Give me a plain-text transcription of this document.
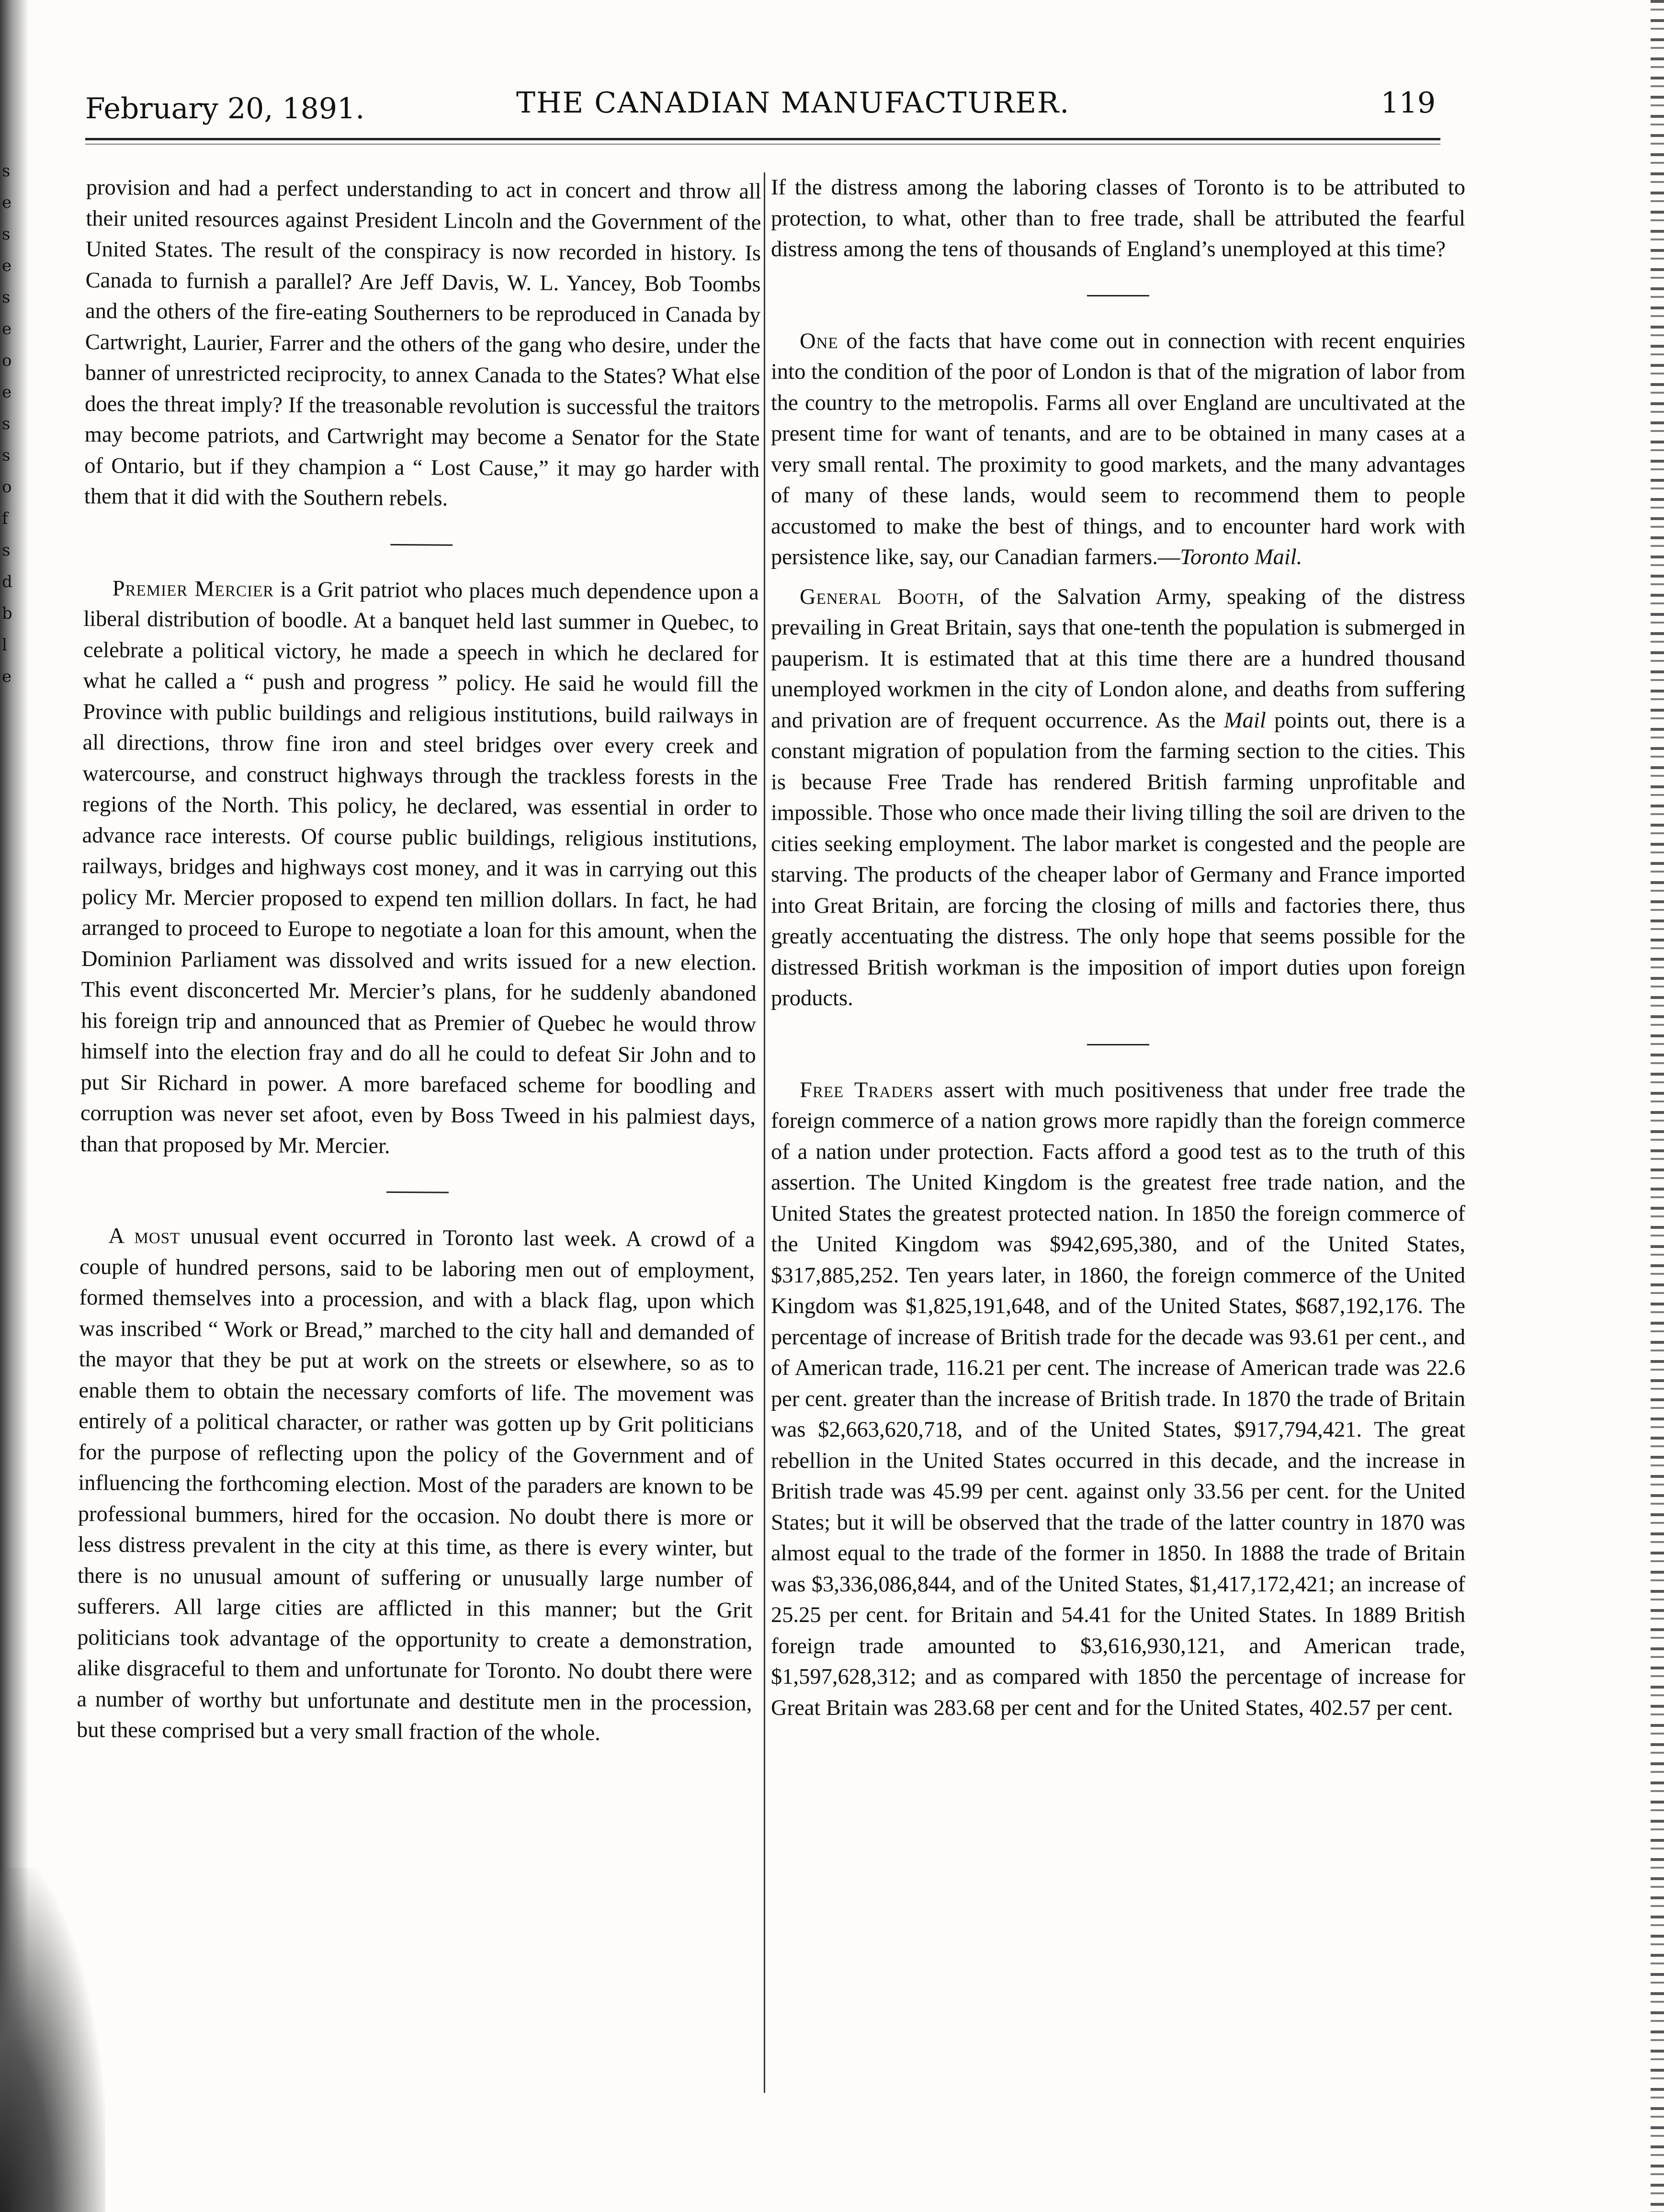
s
e
s
e
s
e
o
e
s
s
o
f
s
d
b
l
e
February 20, 1891.	THE CANADIAN MANUFACTURER.	119

provision and had a perfect understanding to act in concert and throw all their united resources against President Lincoln and the Government of the United States. The result of the conspiracy is now recorded in history. Is Canada to furnish a parallel? Are Jeff Davis, W. L. Yancey, Bob Toombs and the others of the fire-eating Southerners to be reproduced in Canada by Cartwright, Laurier, Farrer and the others of the gang who desire, under the banner of unrestricted reciprocity, to annex Canada to the States? What else does the threat imply? If the treasonable revolution is successful the traitors may become patriots, and Cartwright may become a Senator for the State of Ontario, but if they champion a “ Lost Cause,” it may go harder with them that it did with the Southern rebels.

Premier Mercier is a Grit patriot who places much dependence upon a liberal distribution of boodle. At a banquet held last summer in Quebec, to celebrate a political victory, he made a speech in which he declared for what he called a “ push and progress ” policy. He said he would fill the Province with public buildings and religious institutions, build railways in all directions, throw fine iron and steel bridges over every creek and watercourse, and construct highways through the trackless forests in the regions of the North. This policy, he declared, was essential in order to advance race interests. Of course public buildings, religious institutions, railways, bridges and highways cost money, and it was in carrying out this policy Mr. Mercier proposed to expend ten million dollars. In fact, he had arranged to proceed to Europe to negotiate a loan for this amount, when the Dominion Parliament was dissolved and writs issued for a new election. This event disconcerted Mr. Mercier’s plans, for he suddenly abandoned his foreign trip and announced that as Premier of Quebec he would throw himself into the election fray and do all he could to defeat Sir John and to put Sir Richard in power. A more barefaced scheme for boodling and corruption was never set afoot, even by Boss Tweed in his palmiest days, than that proposed by Mr. Mercier.

A most unusual event occurred in Toronto last week. A crowd of a couple of hundred persons, said to be laboring men out of employment, formed themselves into a procession, and with a black flag, upon which was inscribed “ Work or Bread,” marched to the city hall and demanded of the mayor that they be put at work on the streets or elsewhere, so as to enable them to obtain the necessary comforts of life. The movement was entirely of a political character, or rather was gotten up by Grit politicians for the purpose of reflecting upon the policy of the Government and of influencing the forthcoming election. Most of the paraders are known to be professional bummers, hired for the occasion. No doubt there is more or less distress prevalent in the city at this time, as there is every winter, but there is no unusual amount of suffering or unusually large number of sufferers. All large cities are afflicted in this manner; but the Grit politicians took advantage of the opportunity to create a demonstration, alike disgraceful to them and unfortunate for Toronto. No doubt there were a number of worthy but unfortunate and destitute men in the procession, but these comprised but a very small fraction of the whole.

If the distress among the laboring classes of Toronto is to be attributed to protection, to what, other than to free trade, shall be attributed the fearful distress among the tens of thousands of England’s unemployed at this time?

One of the facts that have come out in connection with recent enquiries into the condition of the poor of London is that of the migration of labor from the country to the metropolis. Farms all over England are uncultivated at the present time for want of tenants, and are to be obtained in many cases at a very small rental. The proximity to good markets, and the many advantages of many of these lands, would seem to recommend them to people accustomed to make the best of things, and to encounter hard work with persistence like, say, our Canadian farmers.—Toronto Mail.

General Booth, of the Salvation Army, speaking of the distress prevailing in Great Britain, says that one-tenth the population is submerged in pauperism. It is estimated that at this time there are a hundred thousand unemployed workmen in the city of London alone, and deaths from suffering and privation are of frequent occurrence. As the Mail points out, there is a constant migration of population from the farming section to the cities. This is because Free Trade has rendered British farming unprofitable and impossible. Those who once made their living tilling the soil are driven to the cities seeking employment. The labor market is congested and the people are starving. The products of the cheaper labor of Germany and France imported into Great Britain, are forcing the closing of mills and factories there, thus greatly accentuating the distress. The only hope that seems possible for the distressed British workman is the imposition of import duties upon foreign products.

Free Traders assert with much positiveness that under free trade the foreign commerce of a nation grows more rapidly than the foreign commerce of a nation under protection. Facts afford a good test as to the truth of this assertion. The United Kingdom is the greatest free trade nation, and the United States the greatest protected nation. In 1850 the foreign commerce of the United Kingdom was $942,695,380, and of the United States, $317,885,252. Ten years later, in 1860, the foreign commerce of the United Kingdom was $1,825,191,648, and of the United States, $687,192,176. The percentage of increase of British trade for the decade was 93.61 per cent., and of American trade, 116.21 per cent. The increase of American trade was 22.6 per cent. greater than the increase of British trade. In 1870 the trade of Britain was $2,663,620,718, and of the United States, $917,794,421. The great rebellion in the United States occurred in this decade, and the increase in British trade was 45.99 per cent. against only 33.56 per cent. for the United States; but it will be observed that the trade of the latter country in 1870 was almost equal to the trade of the former in 1850. In 1888 the trade of Britain was $3,336,086,844, and of the United States, $1,417,172,421; an increase of 25.25 per cent. for Britain and 54.41 for the United States. In 1889 British foreign trade amounted to $3,616,930,121, and American trade, $1,597,628,312; and as compared with 1850 the percentage of increase for Great Britain was 283.68 per cent and for the United States, 402.57 per cent.
